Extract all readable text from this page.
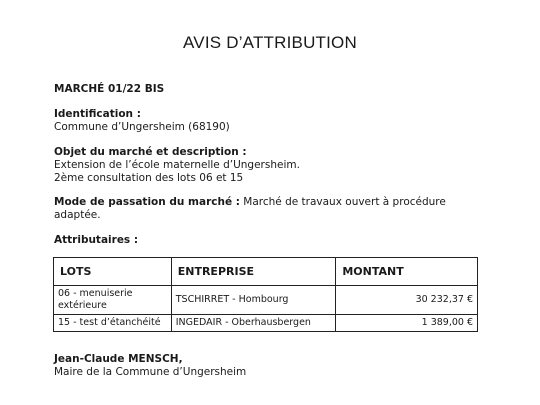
AVIS D’ATTRIBUTION
MARCHÉ 01/22 BIS
Identification :
Commune d’Ungersheim (68190)
Objet du marché et description :
Extension de l’école maternelle d’Ungersheim.
2ème consultation des lots 06 et 15
Mode de passation du marché : Marché de travaux ouvert à procédure adaptée.
Attributaires :
LOTS	ENTREPRISE	MONTANT
06 - menuiserie extérieure	TSCHIRRET - Hombourg	30 232,37 €
15 - test d’étanchéité	INGEDAIR - Oberhausbergen	1 389,00 €
Jean-Claude MENSCH,
Maire de la Commune d’Ungersheim
